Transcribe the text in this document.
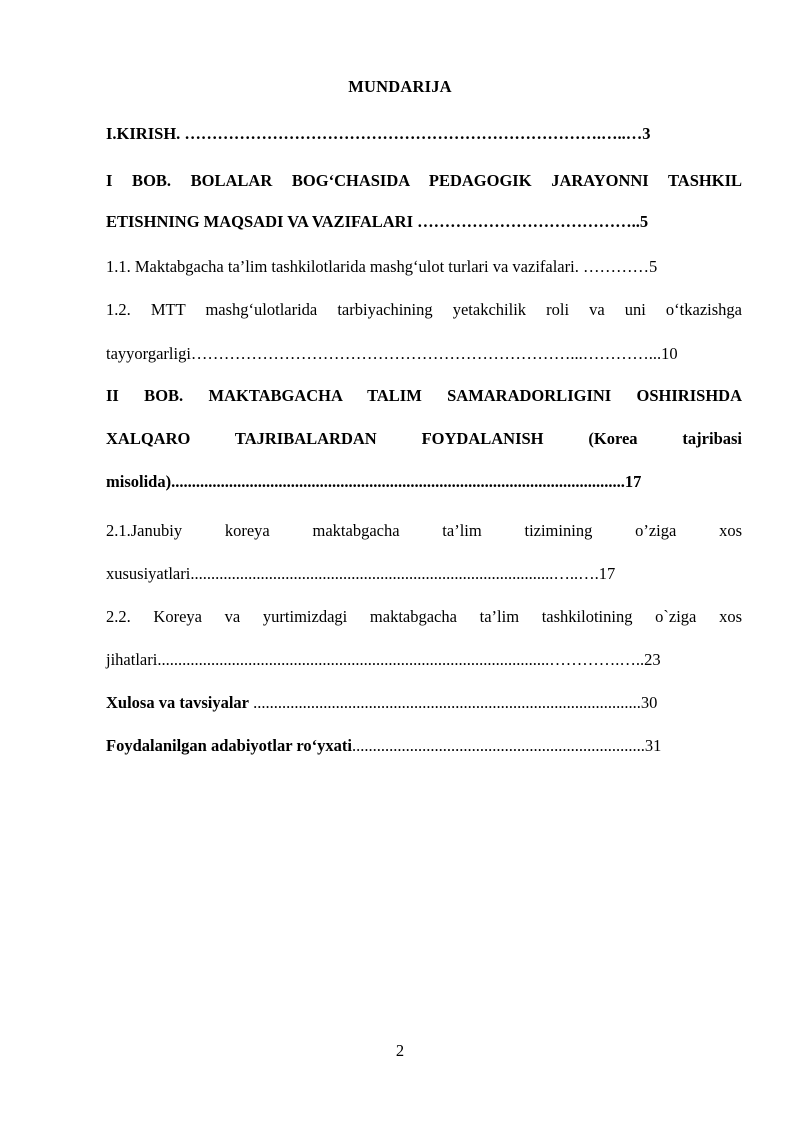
MUNDARIJA
I.KIRISH. ………………………………………………………………….…..…3
I BOB. BOLALAR BOG‘CHASIDA PEDAGOGIK JARAYONNI TASHKIL
ETISHNING MAQSADI VA VAZIFALARI …………………………………..5
1.1. Maktabgacha ta’lim tashkilotlarida mashg‘ulot turlari va vazifalari. …………5
1.2. MTT mashg‘ulotlarida tarbiyachining yetakchilik roli va uni o‘tkazishga
tayyorgarligi……………………………………………………………...…………...10
II BOB. MAKTABGACHA TALIM SAMARADORLIGINI OSHIRISHDA
XALQARO TAJRIBALARDAN FOYDALANISH (Korea tajribasi
misolida)..............................................................................................................17
2.1.Janubiy koreya maktabgacha ta’lim tizimining o’ziga xos
xususiyatlari........................................................................................…..….17
2.2. Koreya va yurtimizdagi maktabgacha ta’lim tashkilotining o`ziga xos
jihatlari...............................................................................................………….…..23
Xulosa va tavsiyalar ..............................................................................................30
Foydalanilgan adabiyotlar ro‘yxati.......................................................................31
2
